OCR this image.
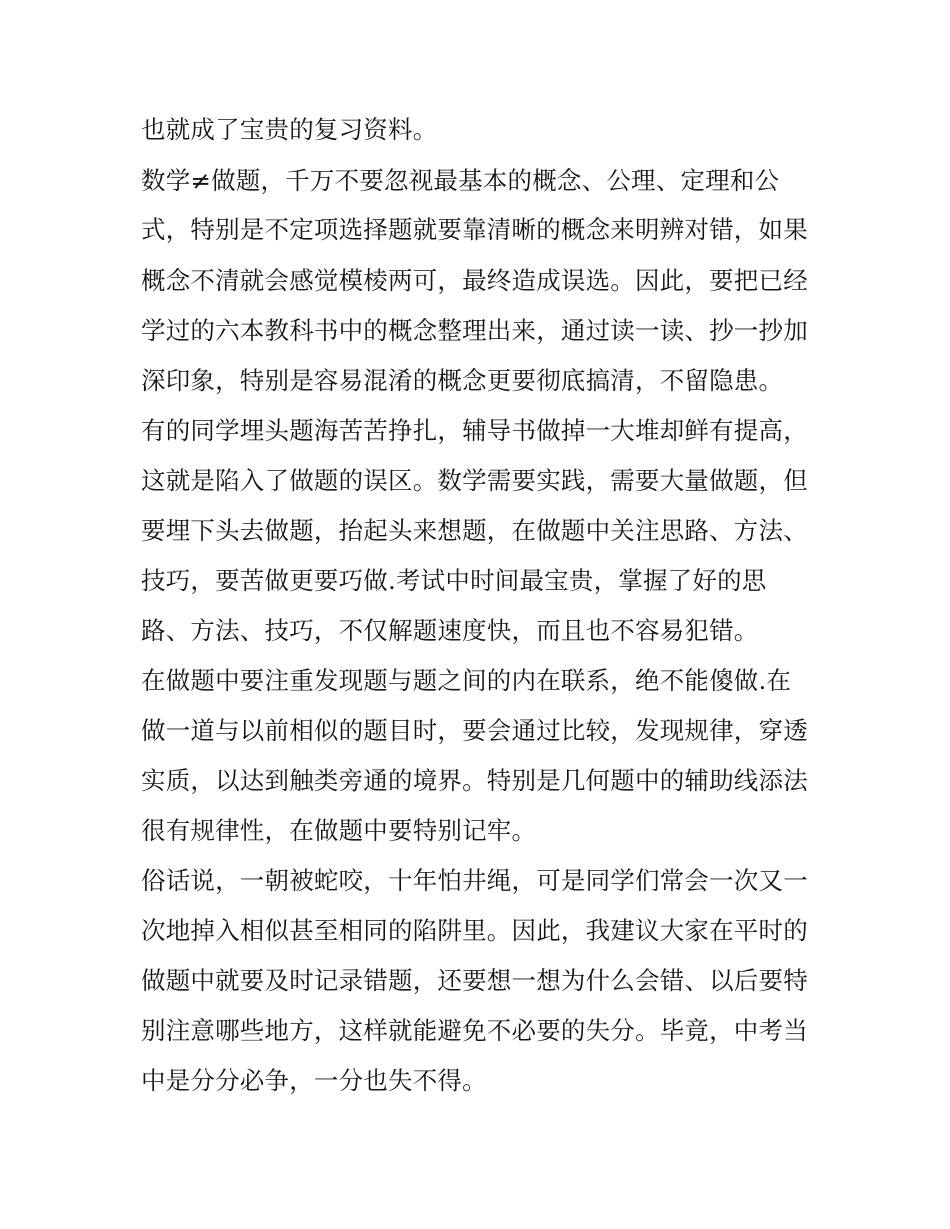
也就成了宝贵的复习资料。
数学≠做题，千万不要忽视最基本的概念、公理、定理和公
式，特别是不定项选择题就要靠清晰的概念来明辨对错，如果
概念不清就会感觉模棱两可，最终造成误选。因此，要把已经
学过的六本教科书中的概念整理出来，通过读一读、抄一抄加
深印象，特别是容易混淆的概念更要彻底搞清，不留隐患。
有的同学埋头题海苦苦挣扎，辅导书做掉一大堆却鲜有提高，
这就是陷入了做题的误区。数学需要实践，需要大量做题，但
要埋下头去做题，抬起头来想题，在做题中关注思路、方法、
技巧，要苦做更要巧做.考试中时间最宝贵，掌握了好的思
路、方法、技巧，不仅解题速度快，而且也不容易犯错。
在做题中要注重发现题与题之间的内在联系，绝不能傻做.在
做一道与以前相似的题目时，要会通过比较，发现规律，穿透
实质，以达到触类旁通的境界。特别是几何题中的辅助线添法
很有规律性，在做题中要特别记牢。
俗话说，一朝被蛇咬，十年怕井绳，可是同学们常会一次又一
次地掉入相似甚至相同的陷阱里。因此，我建议大家在平时的
做题中就要及时记录错题，还要想一想为什么会错、以后要特
别注意哪些地方，这样就能避免不必要的失分。毕竟，中考当
中是分分必争，一分也失不得。
